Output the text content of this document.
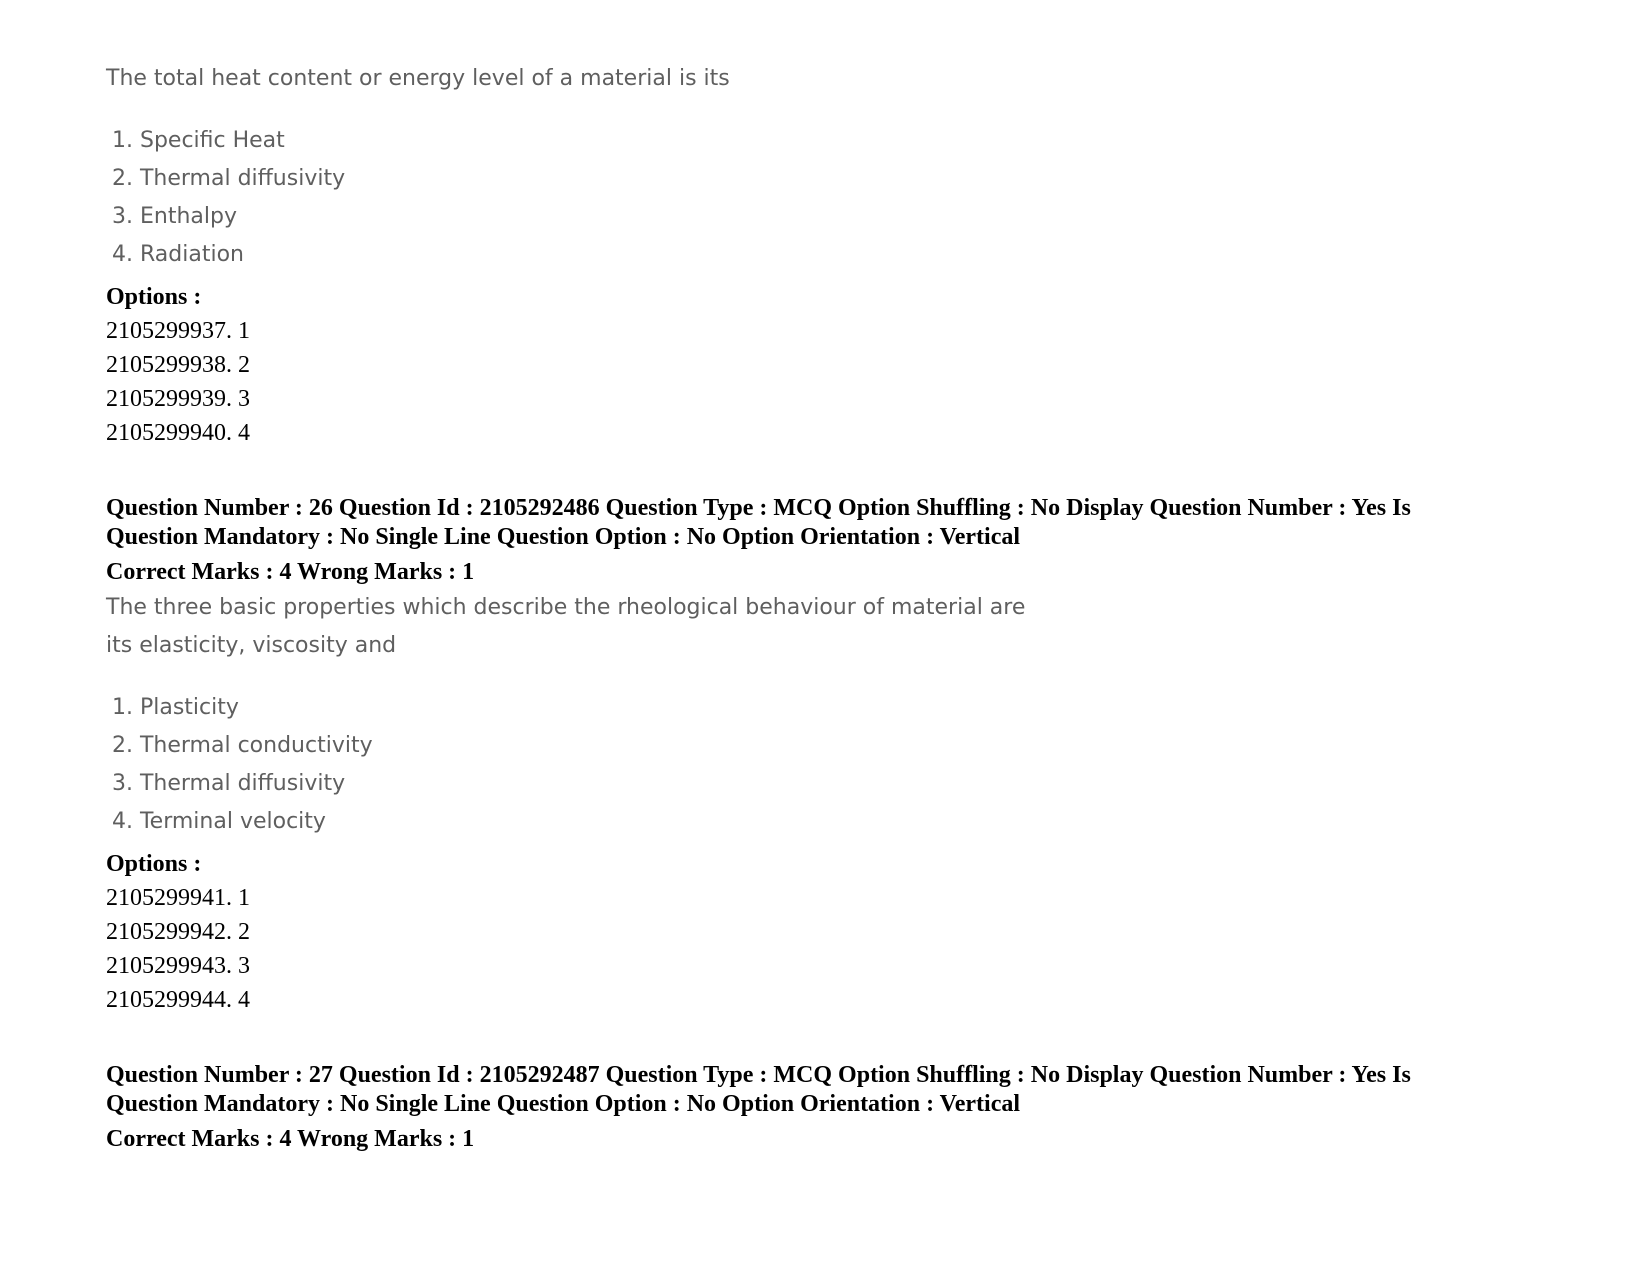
The total heat content or energy level of a material is its

1. Specific Heat
2. Thermal diffusivity
3. Enthalpy
4. Radiation

Options :

2105299937. 1

2105299938. 2

2105299939. 3

2105299940. 4

Question Number : 26 Question Id : 2105292486 Question Type : MCQ Option Shuffling : No Display Question Number : Yes Is

Question Mandatory : No Single Line Question Option : No Option Orientation : Vertical

Correct Marks : 4 Wrong Marks : 1

The three basic properties which describe the rheological behaviour of material are

its elasticity, viscosity and

1. Plasticity
2. Thermal conductivity
3. Thermal diffusivity
4. Terminal velocity

Options :

2105299941. 1

2105299942. 2

2105299943. 3

2105299944. 4

Question Number : 27 Question Id : 2105292487 Question Type : MCQ Option Shuffling : No Display Question Number : Yes Is

Question Mandatory : No Single Line Question Option : No Option Orientation : Vertical

Correct Marks : 4 Wrong Marks : 1
